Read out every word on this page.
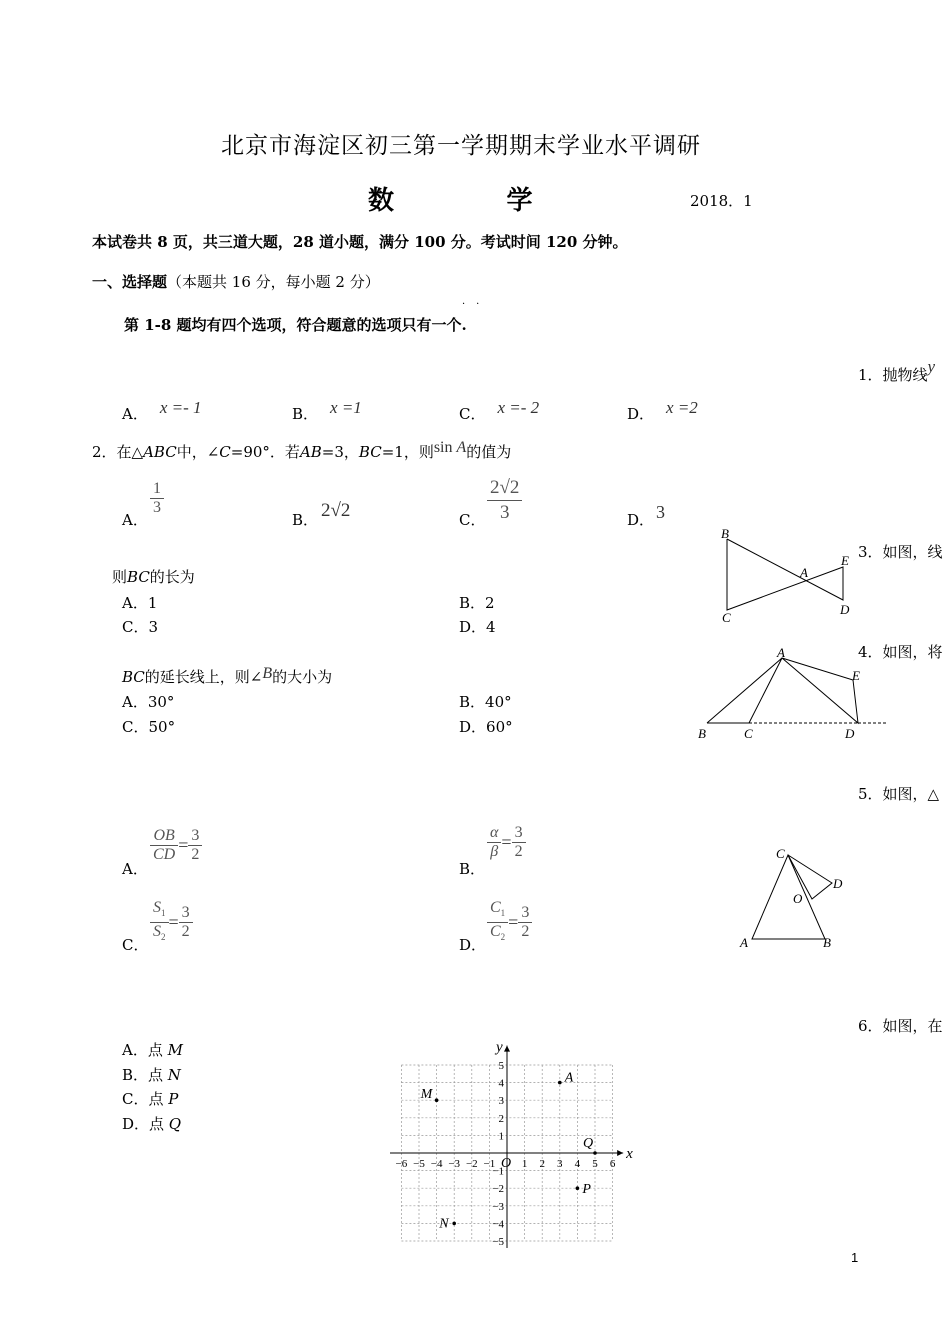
北京市海淀区初三第一学期期末学业水平调研
数          学	2018．1
本试卷共 8 页，共三道大题，28 道小题，满分 100 分。考试时间 120 分钟。
一、选择题（本题共 16 分，每小题 2 分）
第 1-8 题均有四个选项，符合题意的选项只有一个.
··
1．抛物线y
A． x =- 1	B． x =1	C． x =- 2	D． x =2
2．在△ABC中，∠C=90°．若AB=3，BC=1，则sin A的值为
A．
$\frac{1}{3}$
B． 2√2	C． $\frac{2√2}{3}$	D． 3
3．如图，线
则BC的长为
A．1	B．2
C．3	D．4
B
E
A
C
D
4．如图，将
BC的延长线上，则∠B的大小为
A．30°	B．40°
C．50°	D．60°
A
E
B	C	D
5．如图，△
A．
$\frac{OB}{CD} = \frac{3}{2}$
B．
$\frac{\alpha}{\beta} = \frac{3}{2}$
C． $\frac{S_1}{S_2} = \frac{3}{2}$
D． $\frac{C_1}{C_2} = \frac{3}{2}$
C
D
O
A	B
6．如图，在
A．点 M
B．点 N
C．点 P
D．点 Q
x
y
O
−6 −5 −4 −3 −2 −1 1 2 3 4 5 6
5
4
3
2
1
−1
−2
−3
−4
−5
A
M
Q
P
N
1
